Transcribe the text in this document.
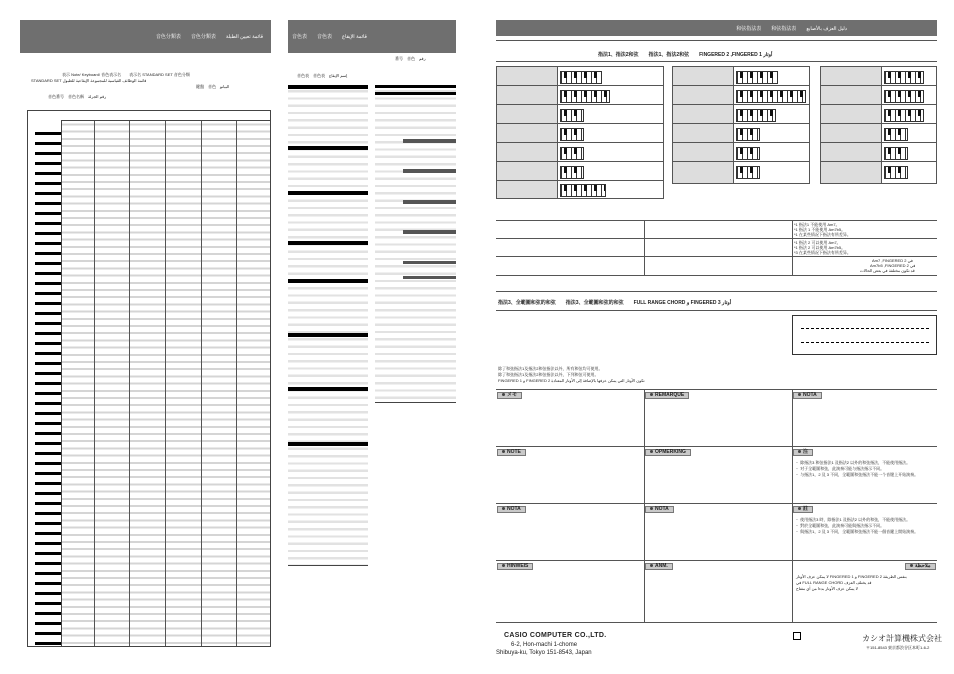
音色分類表　　音色分類表　　قائمة تعيين الطبلة
表示 Note/ Keyboard/ 音色表示名　　表示名 STANDARD SET 音色分類
STANDARD SET قائمة الوظائف القياسية للمجموعة الإيقاعية للطبول
鍵盤　音色　البيانو
音色番号　音色名稱　رقم الجرلة
音色表　　音色表　　قائمة الإيقاع
番号　音色　رقم
音色表　音色表　إسم الإيقاع
和弦指法表　　和弦指法表　　دليل العزف بالأصابع
指法1、指法2和弦　　指法1、指法2和弦　　FINGERED 2 ,FINGERED 1 أوتار
*1 指法1 不能使用 Am7。
*1 指法 1 不能使用 Am7b5。
*1 在某些情况下指法有所差异。
*1 指法 2 可以使用 Am7。
*1 指法 2 可以使用 Am7b5。
*3 在某些情况下指法有所差异。
Am7 ,FINGERED 2 في
Am7b5 ,FINGERED 2 في
قد تكون مختلفة في بعض الحالات
指法3、全範圍和弦的和弦　　指法3、全範圍和弦的和弦　　FULL RANGE CHORD و FINGERED 3 أوتار
除了和弦指法1及指法2和弦指法以外，所有和弦均可使用。
除了和弦指法1及指法2和弦指法以外，下列和弦可使用。
FINGERED 1 و FINGERED 2 تكون الأوتار التي يمكن عزفها بالإضافة إلى الأوتار المعتادة
メモ	REMARQUE	NOTA
NOTE	OPMERKING	注
・ 除指法3 和弦指法1 及指法2 以外的和弦指法，不能使用指法。
・ 对于全範圍和弦，此演奏可能与指法指示不同。
・ 与指法1，2 及 3 不同，全範圍和弦指法不能一个音键上开始演奏。
NOTA	NOTA	註
・ 使用指法3 時，除指法1 及指法2 以外的和弦，不能使用指法。
・ 對於全範圍和弦，此演奏可能與指法指示不同。
・ 與指法1，2 及 3 不同，全範圍和弦指法不能一個音鍵上開始演奏。
HINWEIS	ANM.	ملاحظة
لا يمكن عزف الأوتار FINGERED 1 و FINGERED 2 بنفس الطريقة
في FULL RANGE CHORD قد يختلف العزف
لا يمكن عزف الأوتار بدءا من أي مفتاح
CASIO COMPUTER CO.,LTD.
6-2, Hon-machi 1-chome
Shibuya-ku, Tokyo 151-8543, Japan
カシオ計算機株式会社
〒151-8543 東京都渋谷区本町1-6-2
